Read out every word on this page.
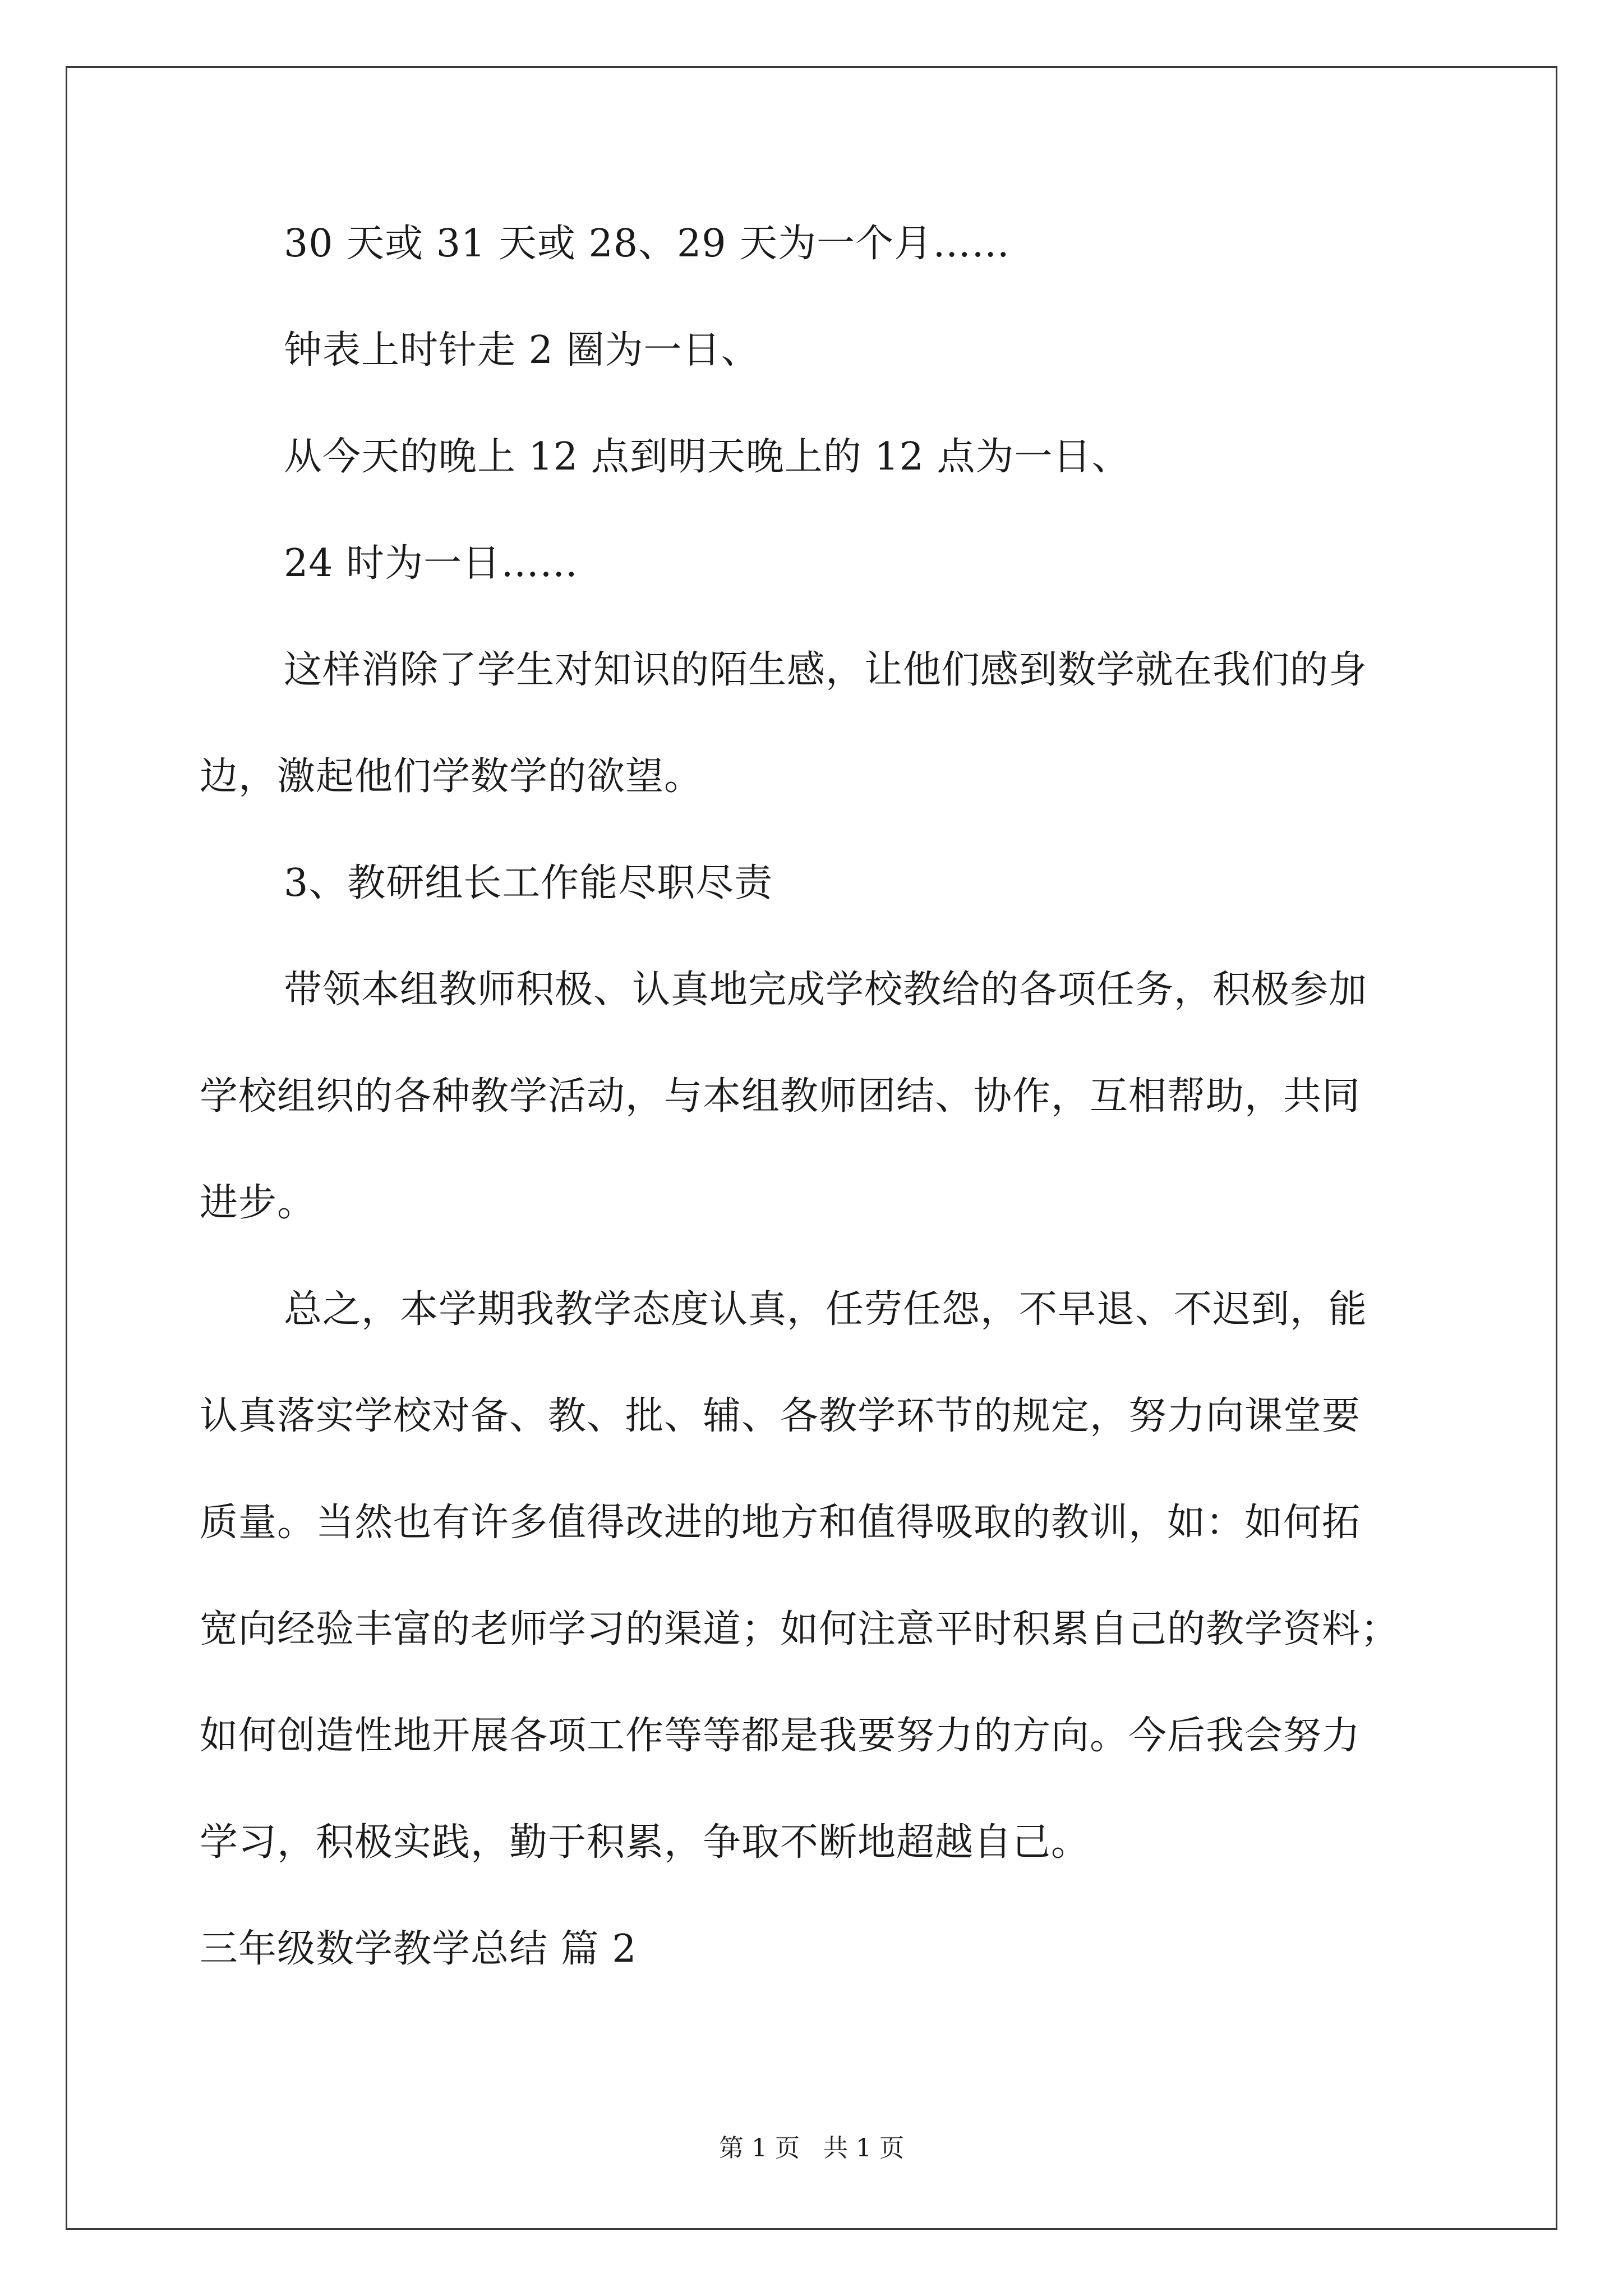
30 天或 31 天或 28、29 天为一个月……
钟表上时针走 2 圈为一日、
从今天的晚上 12 点到明天晚上的 12 点为一日、
24 时为一日……
这样消除了学生对知识的陌生感，让他们感到数学就在我们的身
边，激起他们学数学的欲望。
3、教研组长工作能尽职尽责
带领本组教师积极、认真地完成学校教给的各项任务，积极参加
学校组织的各种教学活动，与本组教师团结、协作，互相帮助，共同
进步。
总之，本学期我教学态度认真，任劳任怨，不早退、不迟到，能
认真落实学校对备、教、批、辅、各教学环节的规定，努力向课堂要
质量。当然也有许多值得改进的地方和值得吸取的教训，如：如何拓
宽向经验丰富的老师学习的渠道；如何注意平时积累自己的教学资料；
如何创造性地开展各项工作等等都是我要努力的方向。今后我会努力
学习，积极实践，勤于积累，争取不断地超越自己。
三年级数学教学总结 篇 2
第 1 页   共 1 页
